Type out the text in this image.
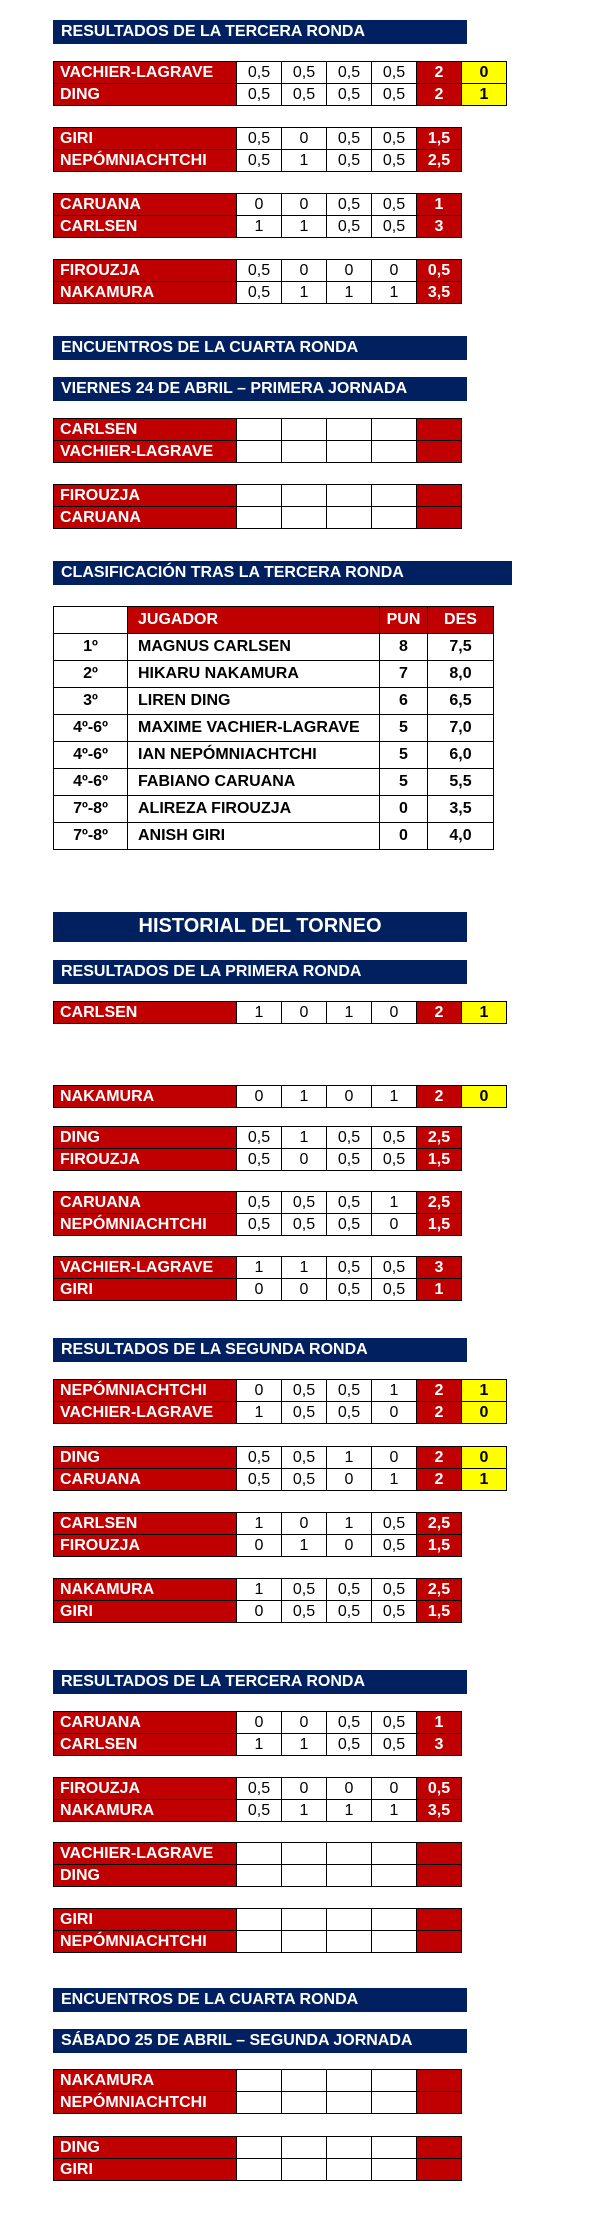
RESULTADOS DE LA TERCERA RONDA
VACHIER-LAGRAVE	0,5	0,5	0,5	0,5	2	0
DING	0,5	0,5	0,5	0,5	2	1
GIRI	0,5	0	0,5	0,5	1,5
NEPÓMNIACHTCHI	0,5	1	0,5	0,5	2,5
CARUANA	0	0	0,5	0,5	1
CARLSEN	1	1	0,5	0,5	3
FIROUZJA	0,5	0	0	0	0,5
NAKAMURA	0,5	1	1	1	3,5
ENCUENTROS DE LA CUARTA RONDA
VIERNES 24 DE ABRIL – PRIMERA JORNADA
CARLSEN					
VACHIER-LAGRAVE					
FIROUZJA					
CARUANA					
CLASIFICACIÓN TRAS LA TERCERA RONDA
	JUGADOR	PUN	DES
1º	MAGNUS CARLSEN	8	7,5
2º	HIKARU NAKAMURA	7	8,0
3º	LIREN DING	6	6,5
4º-6º	MAXIME VACHIER-LAGRAVE	5	7,0
4º-6º	IAN NEPÓMNIACHTCHI	5	6,0
4º-6º	FABIANO CARUANA	5	5,5
7º-8º	ALIREZA FIROUZJA	0	3,5
7º-8º	ANISH GIRI	0	4,0
HISTORIAL DEL TORNEO
RESULTADOS DE LA PRIMERA RONDA
CARLSEN	1	0	1	0	2	1
NAKAMURA	0	1	0	1	2	0
DING	0,5	1	0,5	0,5	2,5
FIROUZJA	0,5	0	0,5	0,5	1,5
CARUANA	0,5	0,5	0,5	1	2,5
NEPÓMNIACHTCHI	0,5	0,5	0,5	0	1,5
VACHIER-LAGRAVE	1	1	0,5	0,5	3
GIRI	0	0	0,5	0,5	1
RESULTADOS DE LA SEGUNDA RONDA
NEPÓMNIACHTCHI	0	0,5	0,5	1	2	1
VACHIER-LAGRAVE	1	0,5	0,5	0	2	0
DING	0,5	0,5	1	0	2	0
CARUANA	0,5	0,5	0	1	2	1
CARLSEN	1	0	1	0,5	2,5
FIROUZJA	0	1	0	0,5	1,5
NAKAMURA	1	0,5	0,5	0,5	2,5
GIRI	0	0,5	0,5	0,5	1,5
RESULTADOS DE LA TERCERA RONDA
CARUANA	0	0	0,5	0,5	1
CARLSEN	1	1	0,5	0,5	3
FIROUZJA	0,5	0	0	0	0,5
NAKAMURA	0,5	1	1	1	3,5
VACHIER-LAGRAVE					
DING					
GIRI					
NEPÓMNIACHTCHI					
ENCUENTROS DE LA CUARTA RONDA
SÁBADO 25 DE ABRIL – SEGUNDA JORNADA
NAKAMURA					
NEPÓMNIACHTCHI					
DING					
GIRI					
